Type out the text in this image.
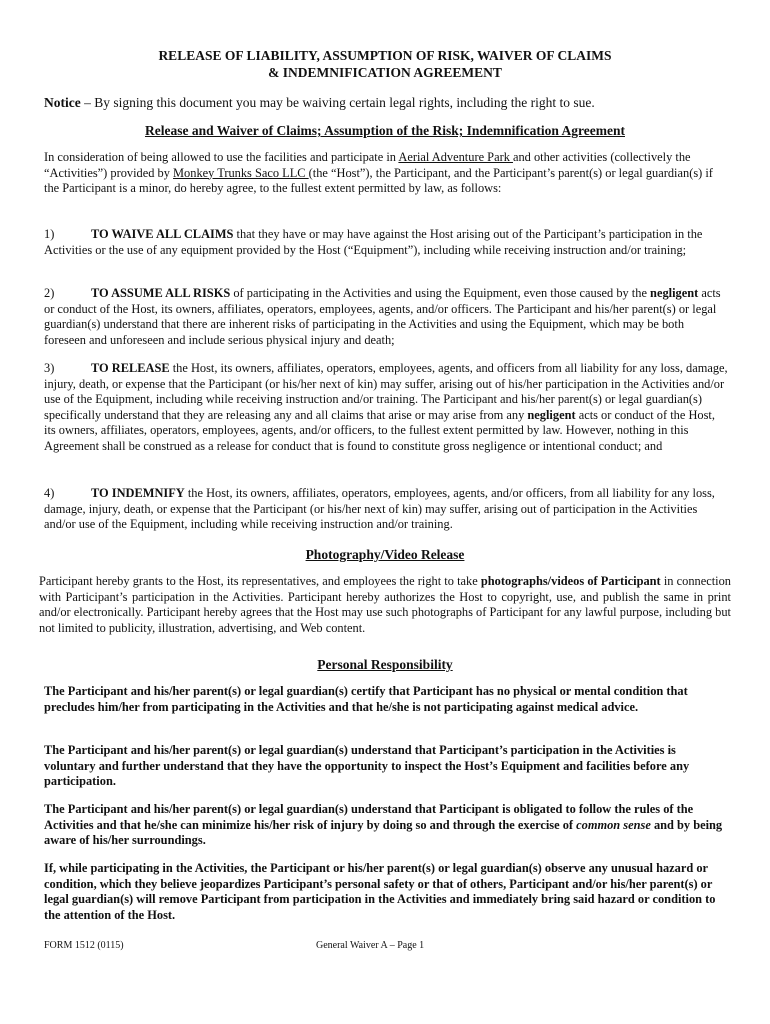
RELEASE OF LIABILITY, ASSUMPTION OF RISK, WAIVER OF CLAIMS
& INDEMNIFICATION AGREEMENT
Notice – By signing this document you may be waiving certain legal rights, including the right to sue.
Release and Waiver of Claims; Assumption of the Risk; Indemnification Agreement
In consideration of being allowed to use the facilities and participate in Aerial Adventure Park and other activities (collectively the “Activities”) provided by Monkey Trunks Saco LLC (the “Host”), the Participant, and the Participant’s parent(s) or legal guardian(s) if the Participant is a minor, do hereby agree, to the fullest extent permitted by law, as follows:
1)	TO WAIVE ALL CLAIMS that they have or may have against the Host arising out of the Participant’s participation in the Activities or the use of any equipment provided by the Host (“Equipment”), including while receiving instruction and/or training;
2)	TO ASSUME ALL RISKS of participating in the Activities and using the Equipment, even those caused by the negligent acts or conduct of the Host, its owners, affiliates, operators, employees, agents, and/or officers. The Participant and his/her parent(s) or legal guardian(s) understand that there are inherent risks of participating in the Activities and using the Equipment, which may be both foreseen and unforeseen and include serious physical injury and death;
3)	TO RELEASE the Host, its owners, affiliates, operators, employees, agents, and officers from all liability for any loss, damage, injury, death, or expense that the Participant (or his/her next of kin) may suffer, arising out of his/her participation in the Activities and/or use of the Equipment, including while receiving instruction and/or training. The Participant and his/her parent(s) or legal guardian(s) specifically understand that they are releasing any and all claims that arise or may arise from any negligent acts or conduct of the Host, its owners, affiliates, operators, employees, agents, and/or officers, to the fullest extent permitted by law. However, nothing in this Agreement shall be construed as a release for conduct that is found to constitute gross negligence or intentional conduct; and
4)	TO INDEMNIFY the Host, its owners, affiliates, operators, employees, agents, and/or officers, from all liability for any loss, damage, injury, death, or expense that the Participant (or his/her next of kin) may suffer, arising out of participation in the Activities and/or use of the Equipment, including while receiving instruction and/or training.
Photography/Video Release
Participant hereby grants to the Host, its representatives, and employees the right to take photographs/videos of Participant in connection with Participant’s participation in the Activities. Participant hereby authorizes the Host to copyright, use, and publish the same in print and/or electronically. Participant hereby agrees that the Host may use such photographs of Participant for any lawful purpose, including but not limited to publicity, illustration, advertising, and Web content.
Personal Responsibility
The Participant and his/her parent(s) or legal guardian(s) certify that Participant has no physical or mental condition that precludes him/her from participating in the Activities and that he/she is not participating against medical advice.
The Participant and his/her parent(s) or legal guardian(s) understand that Participant’s participation in the Activities is voluntary and further understand that they have the opportunity to inspect the Host’s Equipment and facilities before any participation.
The Participant and his/her parent(s) or legal guardian(s) understand that Participant is obligated to follow the rules of the Activities and that he/she can minimize his/her risk of injury by doing so and through the exercise of common sense and by being aware of his/her surroundings.
If, while participating in the Activities, the Participant or his/her parent(s) or legal guardian(s) observe any unusual hazard or condition, which they believe jeopardizes Participant’s personal safety or that of others, Participant and/or his/her parent(s) or legal guardian(s) will remove Participant from participation in the Activities and immediately bring said hazard or condition to the attention of the Host.
FORM 1512 (0115)	General Waiver A – Page 1
